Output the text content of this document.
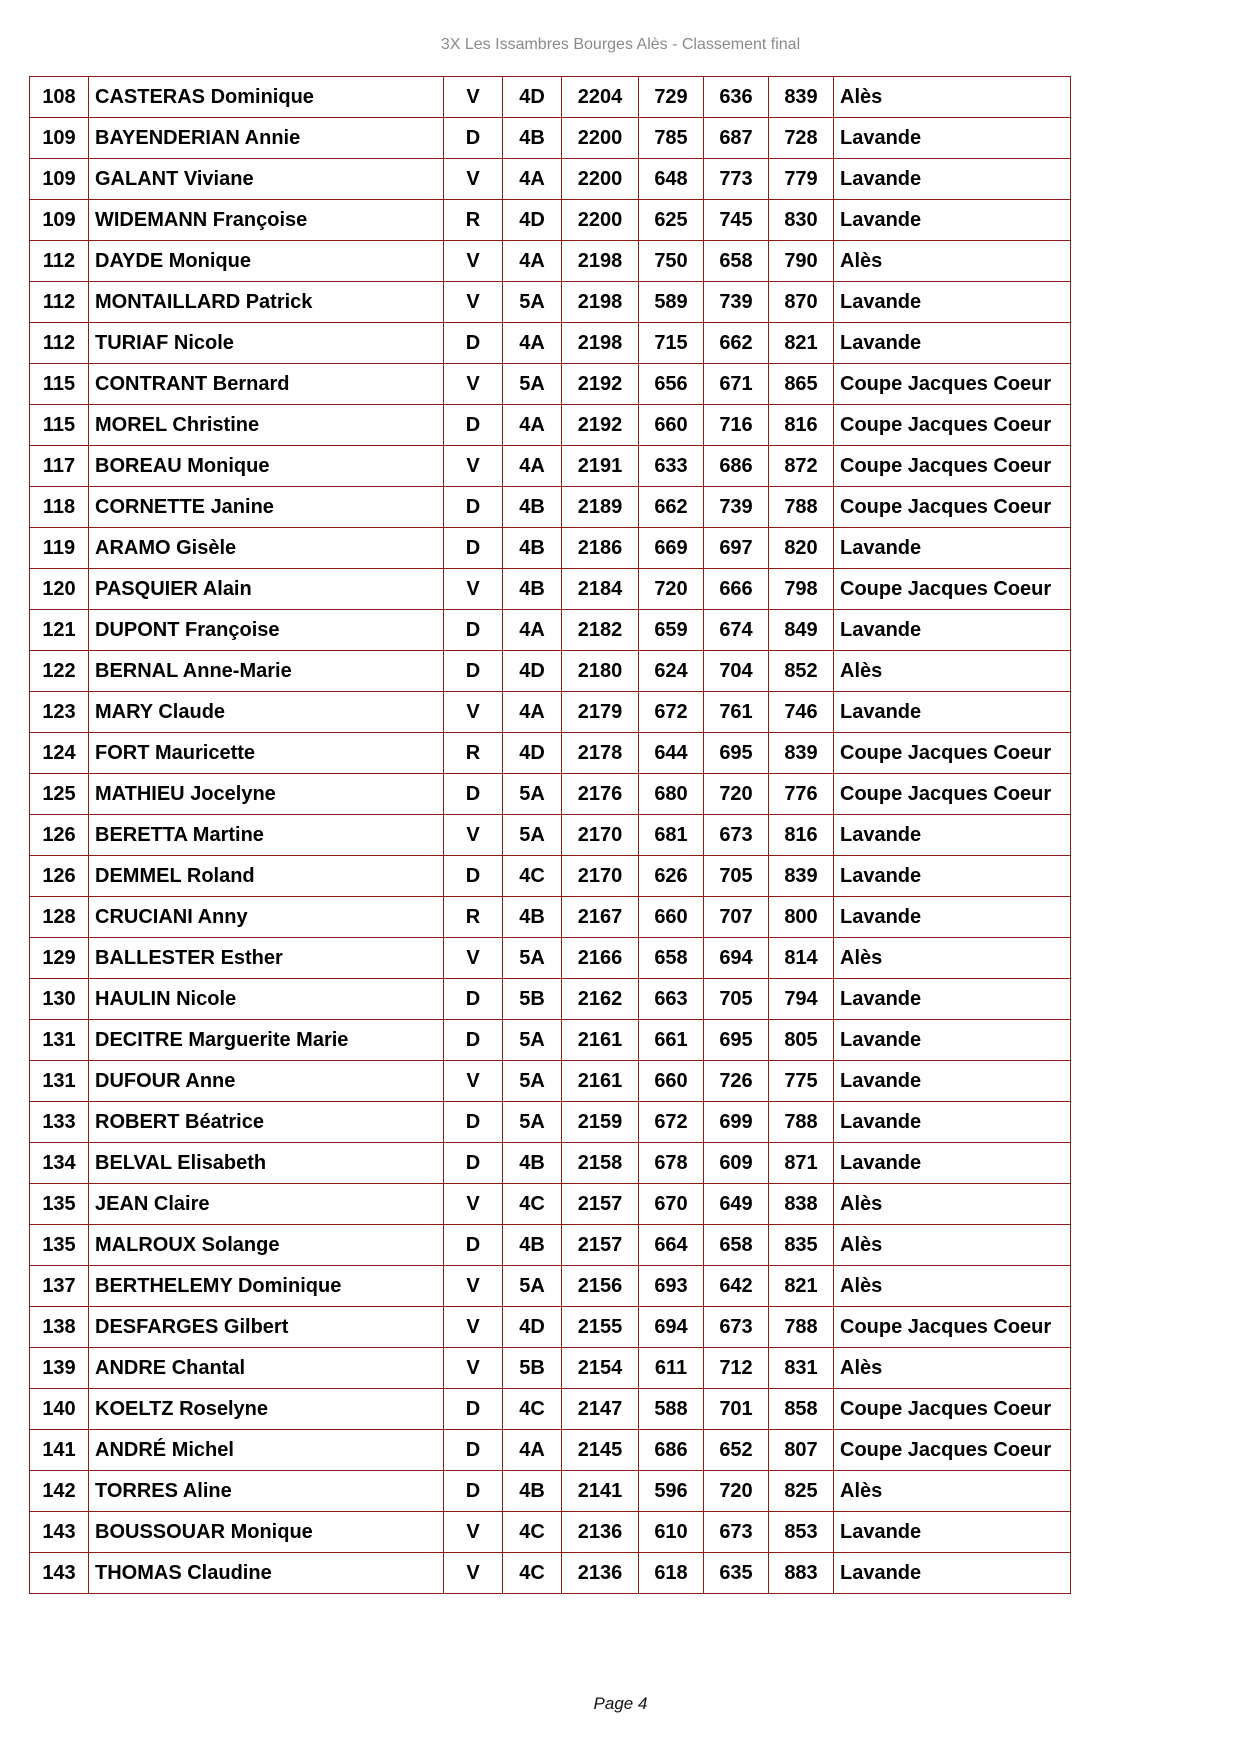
3X Les Issambres Bourges Alès - Classement final
108	CASTERAS Dominique	V	4D	2204	729	636	839	Alès
109	BAYENDERIAN Annie	D	4B	2200	785	687	728	Lavande
109	GALANT Viviane	V	4A	2200	648	773	779	Lavande
109	WIDEMANN Françoise	R	4D	2200	625	745	830	Lavande
112	DAYDE Monique	V	4A	2198	750	658	790	Alès
112	MONTAILLARD Patrick	V	5A	2198	589	739	870	Lavande
112	TURIAF Nicole	D	4A	2198	715	662	821	Lavande
115	CONTRANT Bernard	V	5A	2192	656	671	865	Coupe Jacques Coeur
115	MOREL Christine	D	4A	2192	660	716	816	Coupe Jacques Coeur
117	BOREAU Monique	V	4A	2191	633	686	872	Coupe Jacques Coeur
118	CORNETTE Janine	D	4B	2189	662	739	788	Coupe Jacques Coeur
119	ARAMO Gisèle	D	4B	2186	669	697	820	Lavande
120	PASQUIER Alain	V	4B	2184	720	666	798	Coupe Jacques Coeur
121	DUPONT Françoise	D	4A	2182	659	674	849	Lavande
122	BERNAL Anne-Marie	D	4D	2180	624	704	852	Alès
123	MARY Claude	V	4A	2179	672	761	746	Lavande
124	FORT Mauricette	R	4D	2178	644	695	839	Coupe Jacques Coeur
125	MATHIEU Jocelyne	D	5A	2176	680	720	776	Coupe Jacques Coeur
126	BERETTA Martine	V	5A	2170	681	673	816	Lavande
126	DEMMEL Roland	D	4C	2170	626	705	839	Lavande
128	CRUCIANI Anny	R	4B	2167	660	707	800	Lavande
129	BALLESTER Esther	V	5A	2166	658	694	814	Alès
130	HAULIN Nicole	D	5B	2162	663	705	794	Lavande
131	DECITRE Marguerite Marie	D	5A	2161	661	695	805	Lavande
131	DUFOUR Anne	V	5A	2161	660	726	775	Lavande
133	ROBERT Béatrice	D	5A	2159	672	699	788	Lavande
134	BELVAL Elisabeth	D	4B	2158	678	609	871	Lavande
135	JEAN Claire	V	4C	2157	670	649	838	Alès
135	MALROUX Solange	D	4B	2157	664	658	835	Alès
137	BERTHELEMY Dominique	V	5A	2156	693	642	821	Alès
138	DESFARGES Gilbert	V	4D	2155	694	673	788	Coupe Jacques Coeur
139	ANDRE Chantal	V	5B	2154	611	712	831	Alès
140	KOELTZ Roselyne	D	4C	2147	588	701	858	Coupe Jacques Coeur
141	ANDRÉ Michel	D	4A	2145	686	652	807	Coupe Jacques Coeur
142	TORRES Aline	D	4B	2141	596	720	825	Alès
143	BOUSSOUAR Monique	V	4C	2136	610	673	853	Lavande
143	THOMAS Claudine	V	4C	2136	618	635	883	Lavande
Page 4
